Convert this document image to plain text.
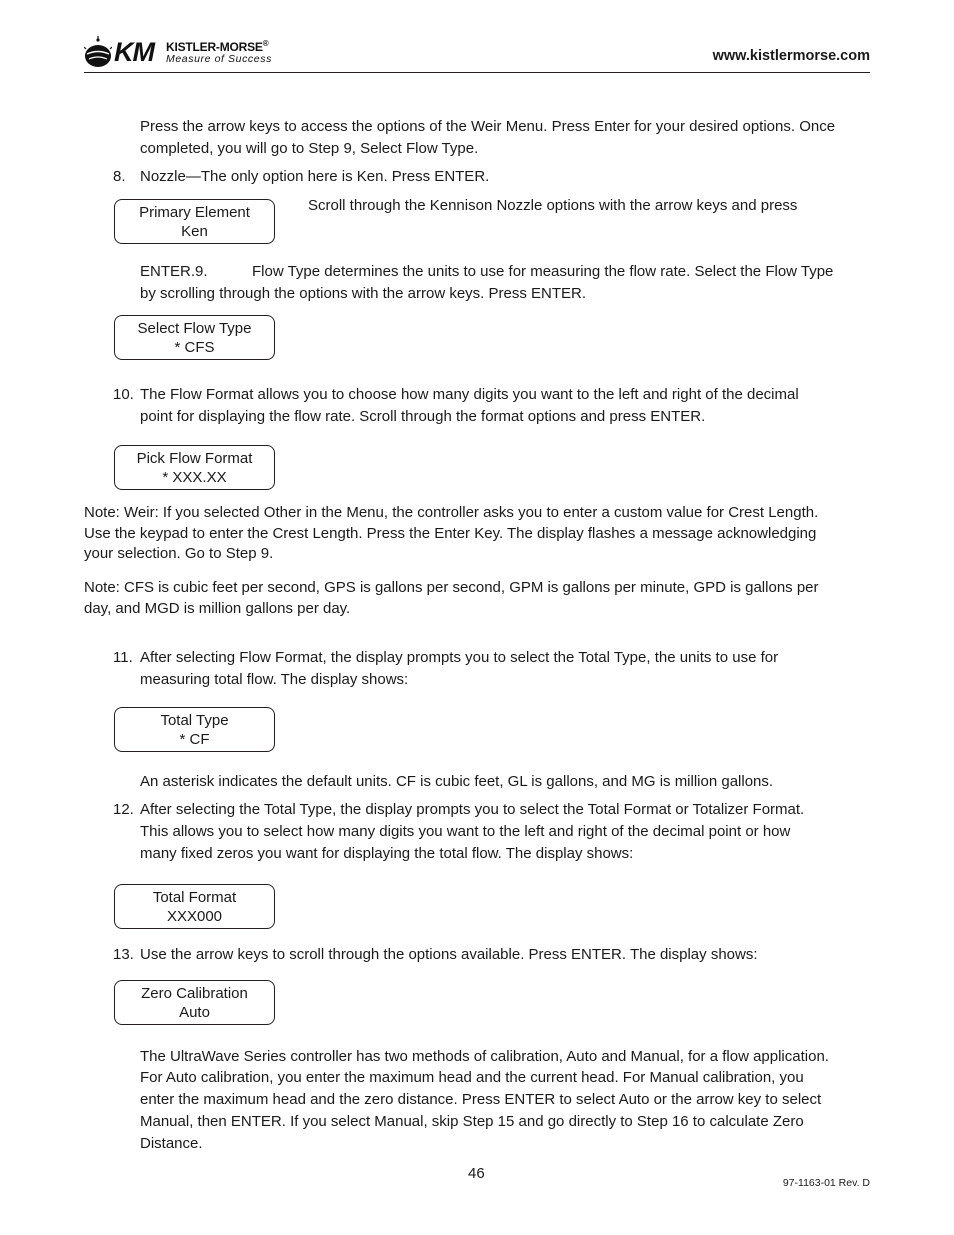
KM KISTLER-MORSE®
Measure of Success	www.kistlermorse.com
Press the arrow keys to access the options of the Weir Menu. Press Enter for your desired options. Once
completed, you will go to Step 9, Select Flow Type.
8. Nozzle—The only option here is Ken. Press ENTER.
Primary Element
Ken
Scroll through the Kennison Nozzle options with the arrow keys and press
ENTER.9.	Flow Type determines the units to use for measuring the flow rate. Select the Flow Type
by scrolling through the options with the arrow keys. Press ENTER.
Select Flow Type
* CFS
10. The Flow Format allows you to choose how many digits you want to the left and right of the decimal
point for displaying the flow rate. Scroll through the format options and press ENTER.
Pick Flow Format
* XXX.XX
Note: Weir: If you selected Other in the Menu, the controller asks you to enter a custom value for Crest Length.
Use the keypad to enter the Crest Length. Press the Enter Key. The display flashes a message acknowledging
your selection. Go to Step 9.
Note: CFS is cubic feet per second, GPS is gallons per second, GPM is gallons per minute, GPD is gallons per
day, and MGD is million gallons per day.
11. After selecting Flow Format, the display prompts you to select the Total Type, the units to use for
measuring total flow. The display shows:
Total Type
* CF
An asterisk indicates the default units. CF is cubic feet, GL is gallons, and MG is million gallons.
12. After selecting the Total Type, the display prompts you to select the Total Format or Totalizer Format.
This allows you to select how many digits you want to the left and right of the decimal point or how
many fixed zeros you want for displaying the total flow. The display shows:
Total Format
XXX000
13. Use the arrow keys to scroll through the options available. Press ENTER. The display shows:
Zero Calibration
Auto
The UltraWave Series controller has two methods of calibration, Auto and Manual, for a flow application.
For Auto calibration, you enter the maximum head and the current head. For Manual calibration, you
enter the maximum head and the zero distance. Press ENTER to select Auto or the arrow key to select
Manual, then ENTER. If you select Manual, skip Step 15 and go directly to Step 16 to calculate Zero
Distance.
46
97-1163-01 Rev. D
